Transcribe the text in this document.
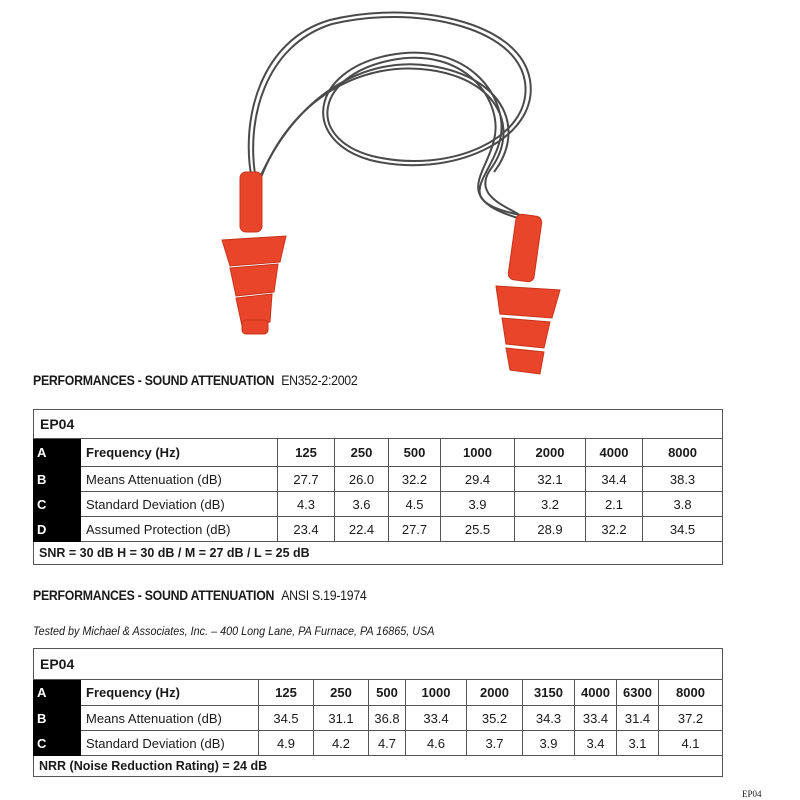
PERFORMANCES - SOUND ATTENUATION EN352-2:2002
EP04								
A	Frequency (Hz)	125	250	500	1000	2000	4000	8000
B	Means Attenuation (dB)	27.7	26.0	32.2	29.4	32.1	34.4	38.3
C	Standard Deviation (dB)	4.3	3.6	4.5	3.9	3.2	2.1	3.8
D	Assumed Protection (dB)	23.4	22.4	27.7	25.5	28.9	32.2	34.5
SNR = 30 dB H = 30 dB / M = 27 dB / L = 25 dB								
PERFORMANCES - SOUND ATTENUATION ANSI S.19-1974
Tested by Michael & Associates, Inc. – 400 Long Lane, PA Furnace, PA 16865, USA
EP04										
A	Frequency (Hz)	125	250	500	1000	2000	3150	4000	6300	8000
B	Means Attenuation (dB)	34.5	31.1	36.8	33.4	35.2	34.3	33.4	31.4	37.2
C	Standard Deviation (dB)	4.9	4.2	4.7	4.6	3.7	3.9	3.4	3.1	4.1
NRR (Noise Reduction Rating) = 24 dB										
EP04
